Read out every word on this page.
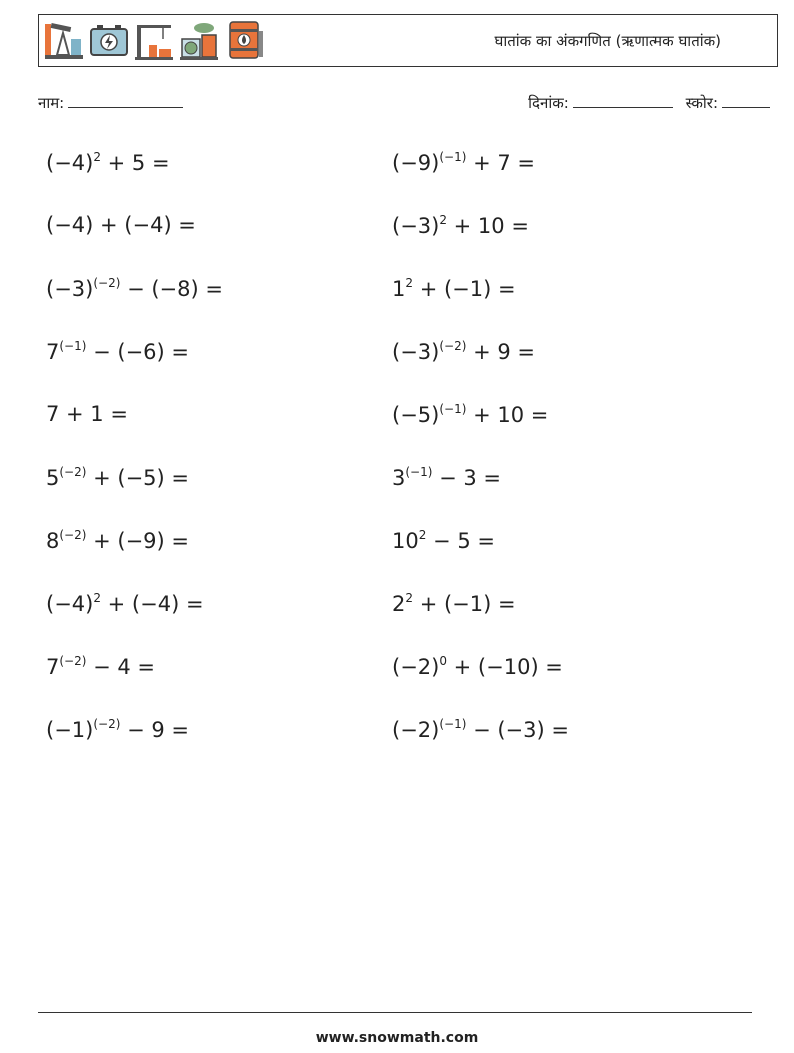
घातांक का अंकगणित (ऋणात्मक घातांक)
नाम:	दिनांक:	स्कोर:
$(-4)^2 + 5$ =	$(-9)^{(-1)} + 7$ =
(−4) + (−4) =	$(-3)^2 + 10$ =
$(-3)^{(-2)} - (-8)$ =	$1^2 + (-1)$ =
$7^{(-1)} - (-6)$ =	$(-3)^{(-2)} + 9$ =
7 + 1 =	$(-5)^{(-1)} + 10$ =
$5^{(-2)} + (-5)$ =	$3^{(-1)} - 3$ =
$8^{(-2)} + (-9)$ =	$10^2 - 5$ =
$(-4)^2 + (-4)$ =	$2^2 + (-1)$ =
$7^{(-2)} - 4$ =	$(-2)^0 + (-10)$ =
$(-1)^{(-2)} - 9$ =	$(-2)^{(-1)} - (-3)$ =
www.snowmath.com
